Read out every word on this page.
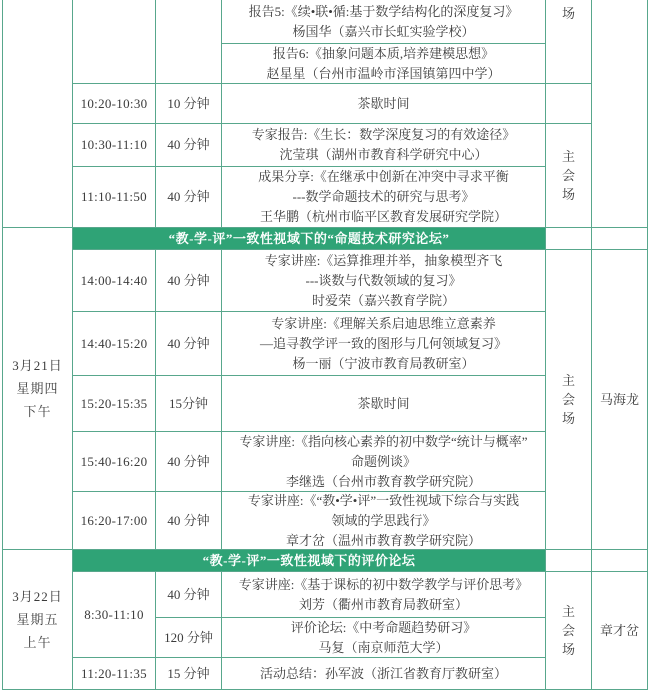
3月21日
星期四
下午
3月22日
星期五
上午
10:20-10:30
10:30-11:10
11:10-11:50
14:00-14:40
14:40-15:20
15:20-15:35
15:40-16:20
16:20-17:00
8:30-11:10
11:20-11:35
10 分钟
40 分钟
40 分钟
40 分钟
40 分钟
15分钟
40 分钟
40 分钟
40 分钟
120 分钟
15 分钟
报告5:《续•联•循:基于数学结构化的深度复习》
杨国华（嘉兴市长虹实验学校）
报告6:《抽象问题本质,培养建模思想》
赵星星（台州市温岭市泽国镇第四中学）
茶歇时间
专家报告:《生长：数学深度复习的有效途径》
沈莹琪（湖州市教育科学研究中心）
成果分享:《在继承中创新在冲突中寻求平衡
---数学命题技术的研究与思考》
王华鹏（杭州市临平区教育发展研究学院）
“教-学-评”一致性视域下的“命题技术研究论坛”
专家讲座:《运算推理并举，抽象模型齐飞
---谈数与代数领域的复习》
时爱荣（嘉兴教育学院）
专家讲座:《理解关系启迪思维立意素养
—追寻教学评一致的图形与几何领域复习》
杨一丽（宁波市教育局教研室）
茶歇时间
专家讲座:《指向核心素养的初中数学“统计与概率”
命题例谈》
李继选（台州市教育教学研究院）
专家讲座:《“教•学•评”一致性视域下综合与实践
领域的学思践行》
章才岔（温州市教育教学研究院）
“教-学-评”一致性视域下的评价论坛
专家讲座:《基于课标的初中数学教学与评价思考》
刘芳（衢州市教育局教研室）
评价论坛:《中考命题趋势研习》
马复（南京师范大学）
活动总结：孙军波（浙江省教育厅教研室）
场
主会场
主会场
主会场
马海龙
章才岔
